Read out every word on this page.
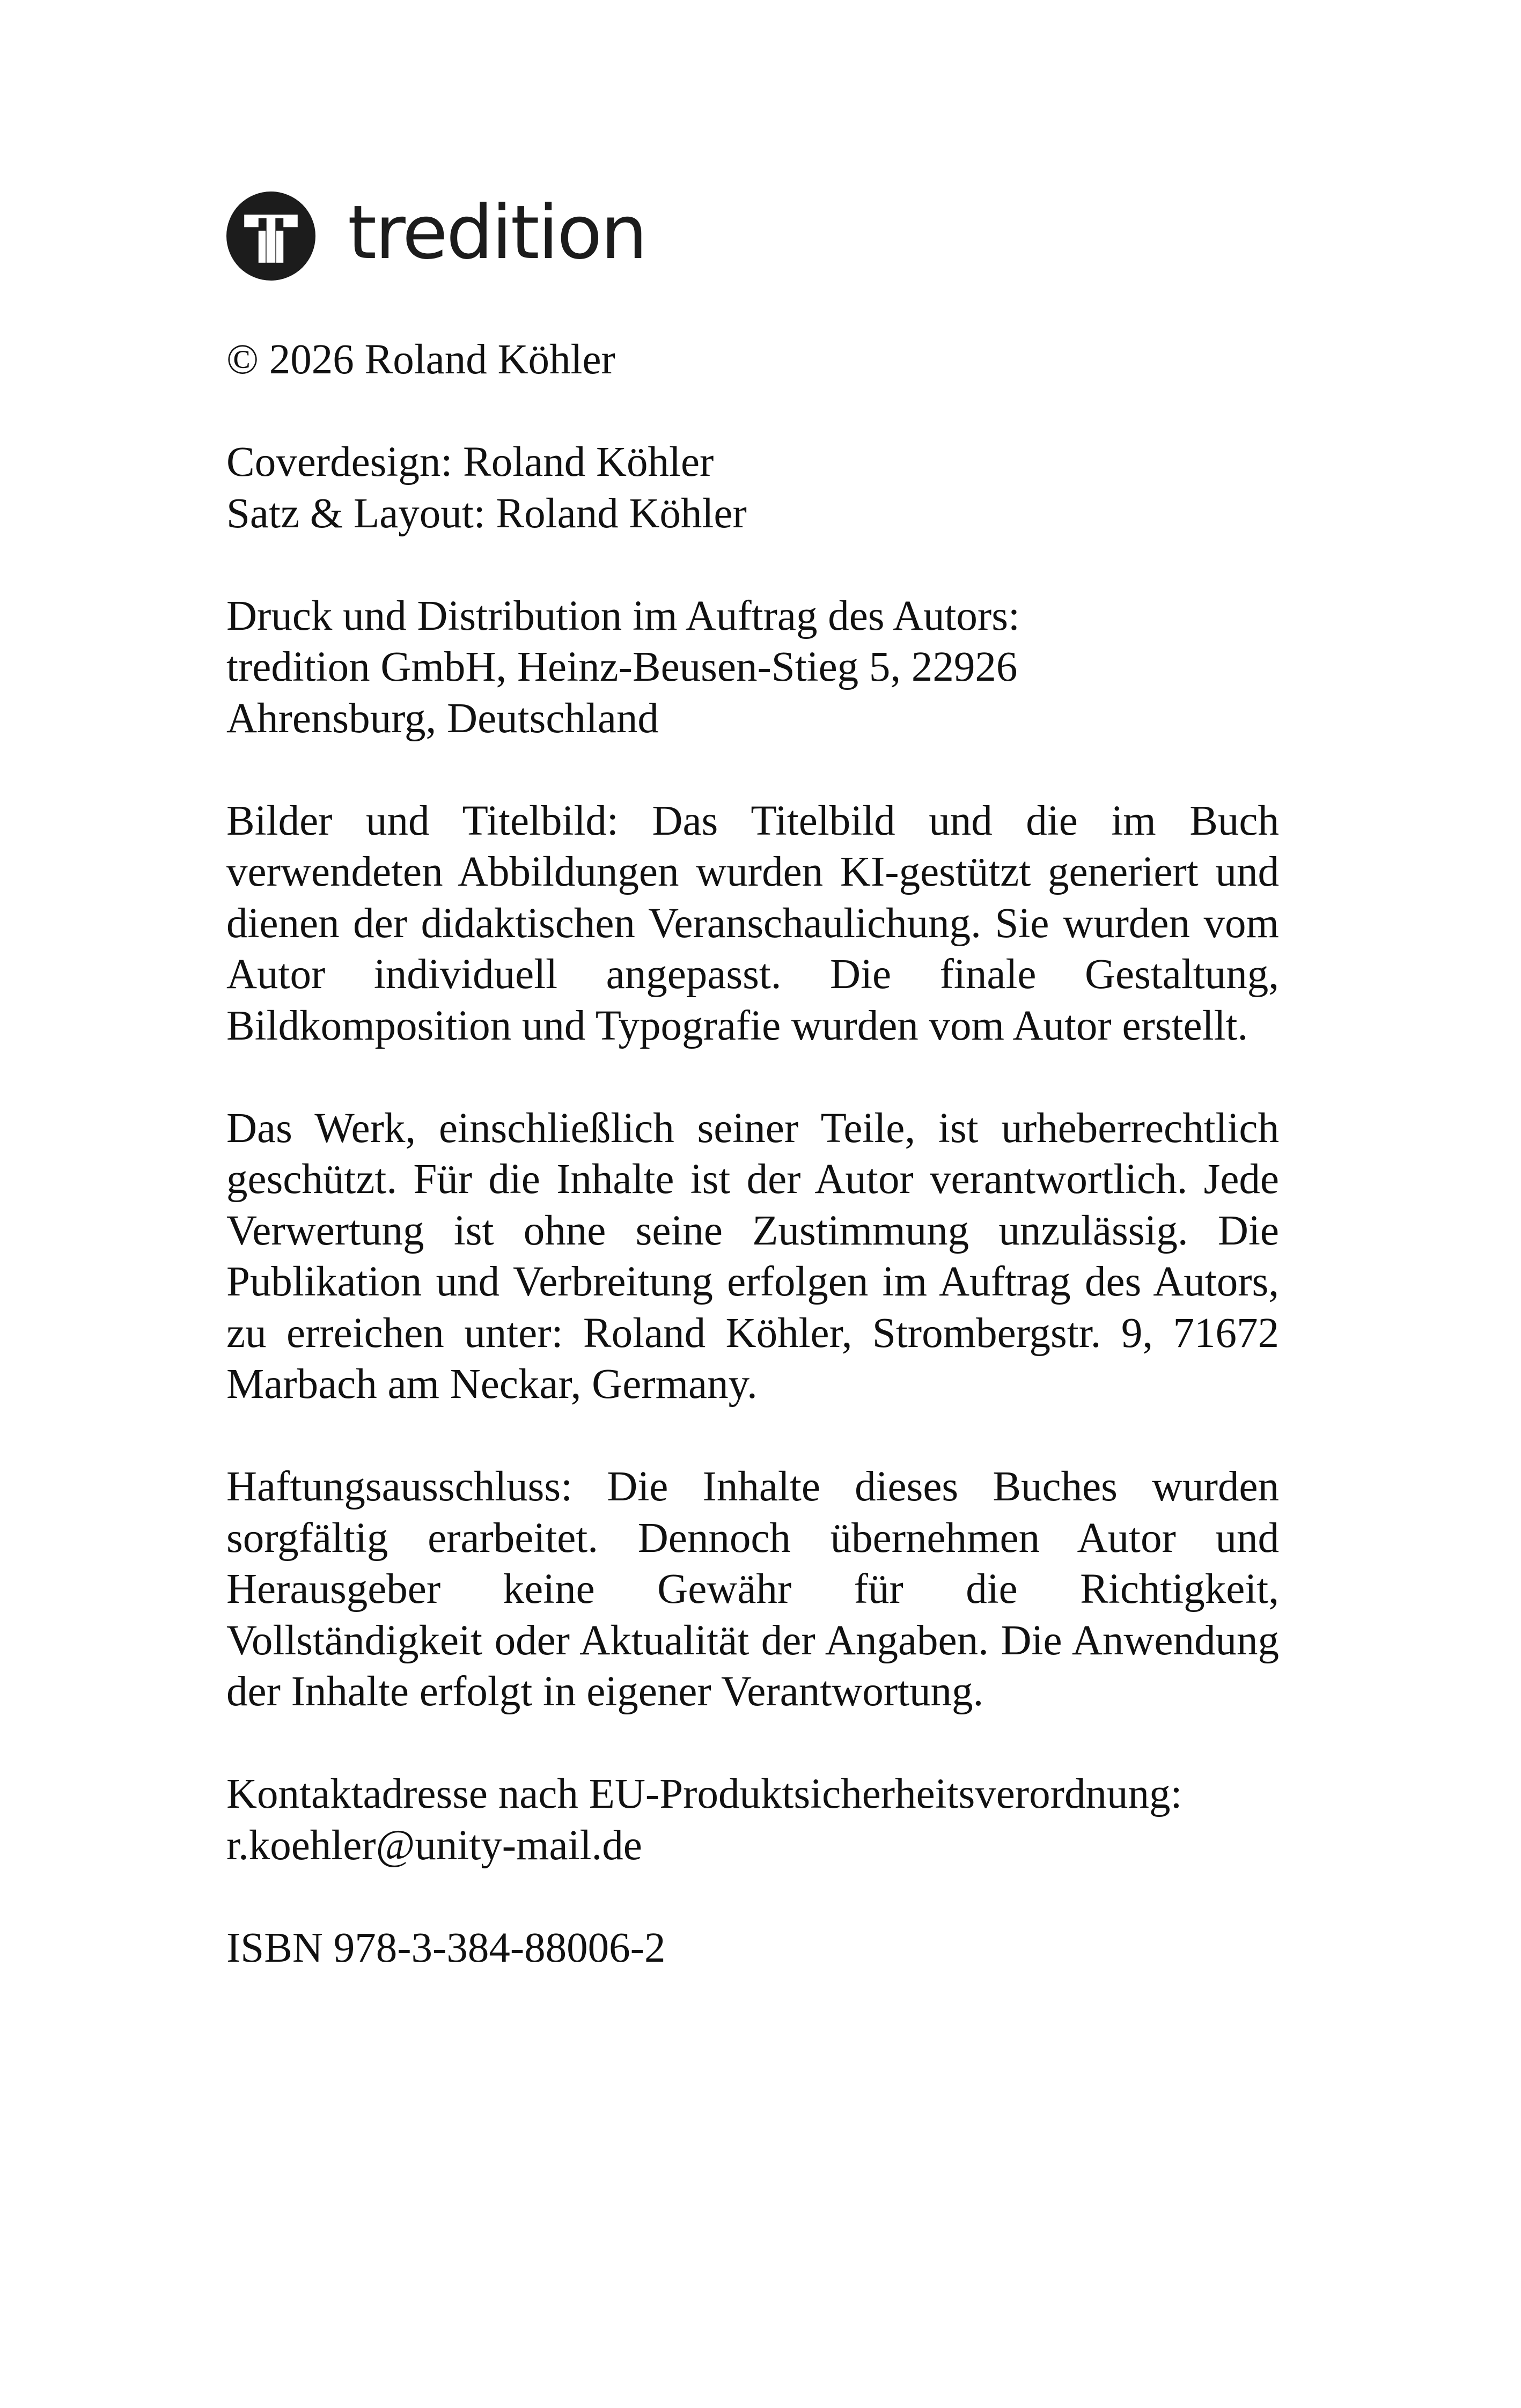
tredition

© 2026 Roland Köhler

Coverdesign: Roland Köhler
Satz & Layout: Roland Köhler

Druck und Distribution im Auftrag des Autors:
tredition GmbH, Heinz-Beusen-Stieg 5, 22926
Ahrensburg, Deutschland

Bilder und Titelbild: Das Titelbild und die im Buch verwendeten Abbildungen wurden KI-gestützt generiert und dienen der didaktischen Veranschaulichung. Sie wurden vom Autor individuell angepasst. Die finale Gestaltung, Bildkomposition und Typografie wurden vom Autor erstellt.

Das Werk, einschließlich seiner Teile, ist urheberrechtlich geschützt. Für die Inhalte ist der Autor verantwortlich. Jede Verwertung ist ohne seine Zustimmung unzulässig. Die Publikation und Verbreitung erfolgen im Auftrag des Autors, zu erreichen unter: Roland Köhler, Strombergstr. 9, 71672 Marbach am Neckar, Germany.

Haftungsausschluss: Die Inhalte dieses Buches wurden sorgfältig erarbeitet. Dennoch übernehmen Autor und Herausgeber keine Gewähr für die Richtigkeit, Vollständigkeit oder Aktualität der Angaben. Die Anwendung der Inhalte erfolgt in eigener Verantwortung.

Kontaktadresse nach EU-Produktsicherheitsverordnung:
r.koehler@unity-mail.de

ISBN 978-3-384-88006-2
